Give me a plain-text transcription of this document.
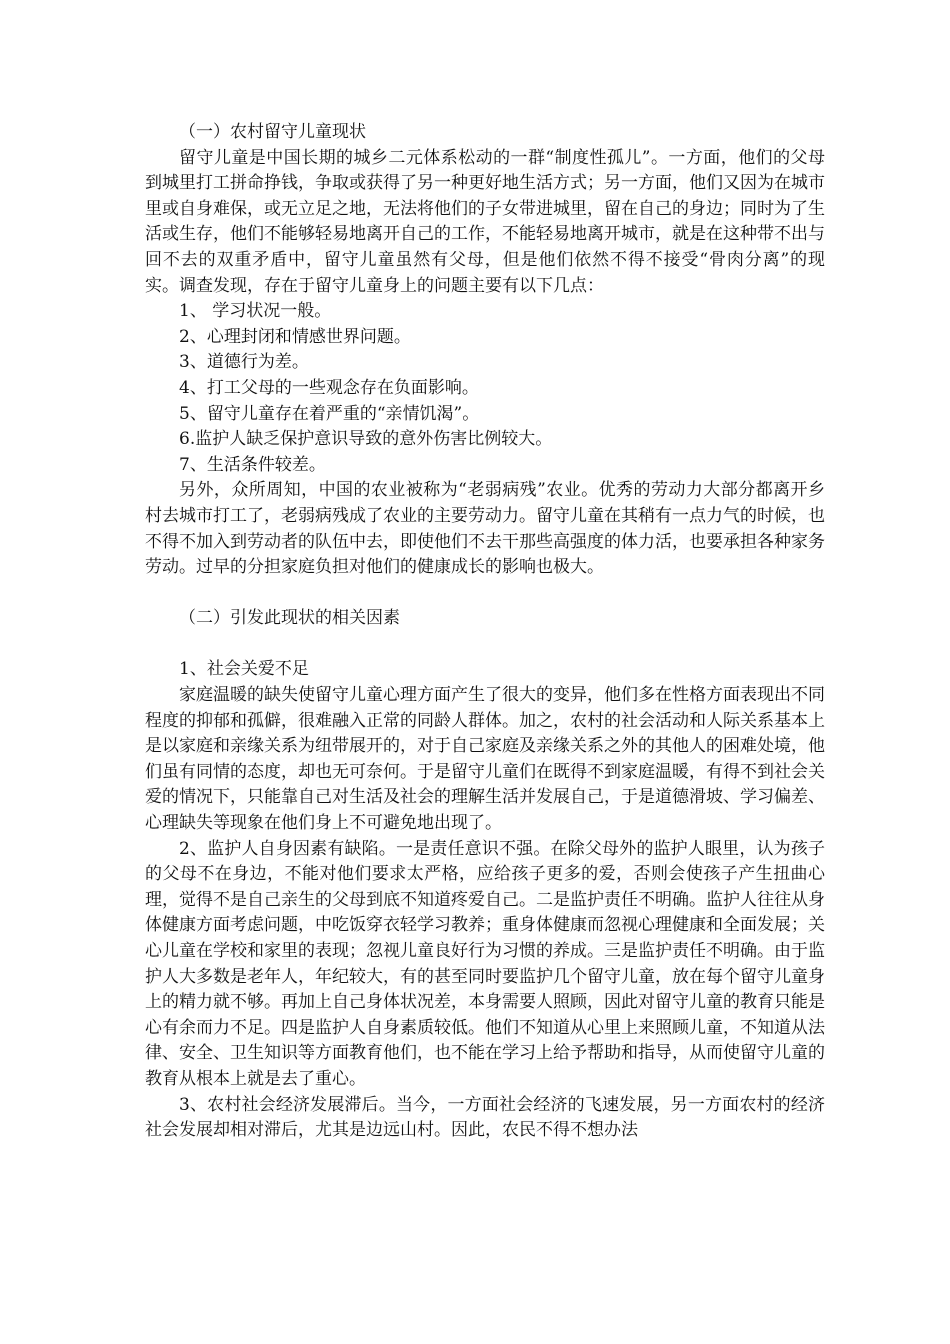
（一）农村留守儿童现状

留守儿童是中国长期的城乡二元体系松动的一群“制度性孤儿”。一方面，他们的父母到城里打工拼命挣钱，争取或获得了另一种更好地生活方式；另一方面，他们又因为在城市里或自身难保，或无立足之地，无法将他们的子女带进城里，留在自己的身边；同时为了生活或生存，他们不能够轻易地离开自己的工作，不能轻易地离开城市，就是在这种带不出与回不去的双重矛盾中，留守儿童虽然有父母，但是他们依然不得不接受“骨肉分离”的现实。调查发现，存在于留守儿童身上的问题主要有以下几点：

1、 学习状况一般。

2、心理封闭和情感世界问题。

3、道德行为差。

4、打工父母的一些观念存在负面影响。

5、留守儿童存在着严重的“亲情饥渴”。

6.监护人缺乏保护意识导致的意外伤害比例较大。

7、生活条件较差。

另外，众所周知，中国的农业被称为“老弱病残”农业。优秀的劳动力大部分都离开乡村去城市打工了，老弱病残成了农业的主要劳动力。留守儿童在其稍有一点力气的时候，也不得不加入到劳动者的队伍中去，即使他们不去干那些高强度的体力活，也要承担各种家务劳动。过早的分担家庭负担对他们的健康成长的影响也极大。

（二）引发此现状的相关因素

1、社会关爱不足

家庭温暖的缺失使留守儿童心理方面产生了很大的变异，他们多在性格方面表现出不同程度的抑郁和孤僻，很难融入正常的同龄人群体。加之，农村的社会活动和人际关系基本上是以家庭和亲缘关系为纽带展开的，对于自己家庭及亲缘关系之外的其他人的困难处境，他们虽有同情的态度，却也无可奈何。于是留守儿童们在既得不到家庭温暖，有得不到社会关爱的情况下，只能靠自己对生活及社会的理解生活并发展自己，于是道德滑坡、学习偏差、心理缺失等现象在他们身上不可避免地出现了。

2、监护人自身因素有缺陷。一是责任意识不强。在除父母外的监护人眼里，认为孩子的父母不在身边，不能对他们要求太严格，应给孩子更多的爱，否则会使孩子产生扭曲心理，觉得不是自己亲生的父母到底不知道疼爱自己。二是监护责任不明确。监护人往往从身体健康方面考虑问题，中吃饭穿衣轻学习教养；重身体健康而忽视心理健康和全面发展；关心儿童在学校和家里的表现；忽视儿童良好行为习惯的养成。三是监护责任不明确。由于监护人大多数是老年人，年纪较大，有的甚至同时要监护几个留守儿童，放在每个留守儿童身上的精力就不够。再加上自己身体状况差，本身需要人照顾，因此对留守儿童的教育只能是心有余而力不足。四是监护人自身素质较低。他们不知道从心里上来照顾儿童，不知道从法律、安全、卫生知识等方面教育他们，也不能在学习上给予帮助和指导，从而使留守儿童的教育从根本上就是去了重心。

3、农村社会经济发展滞后。当今，一方面社会经济的飞速发展，另一方面农村的经济社会发展却相对滞后，尤其是边远山村。因此，农民不得不想办法
